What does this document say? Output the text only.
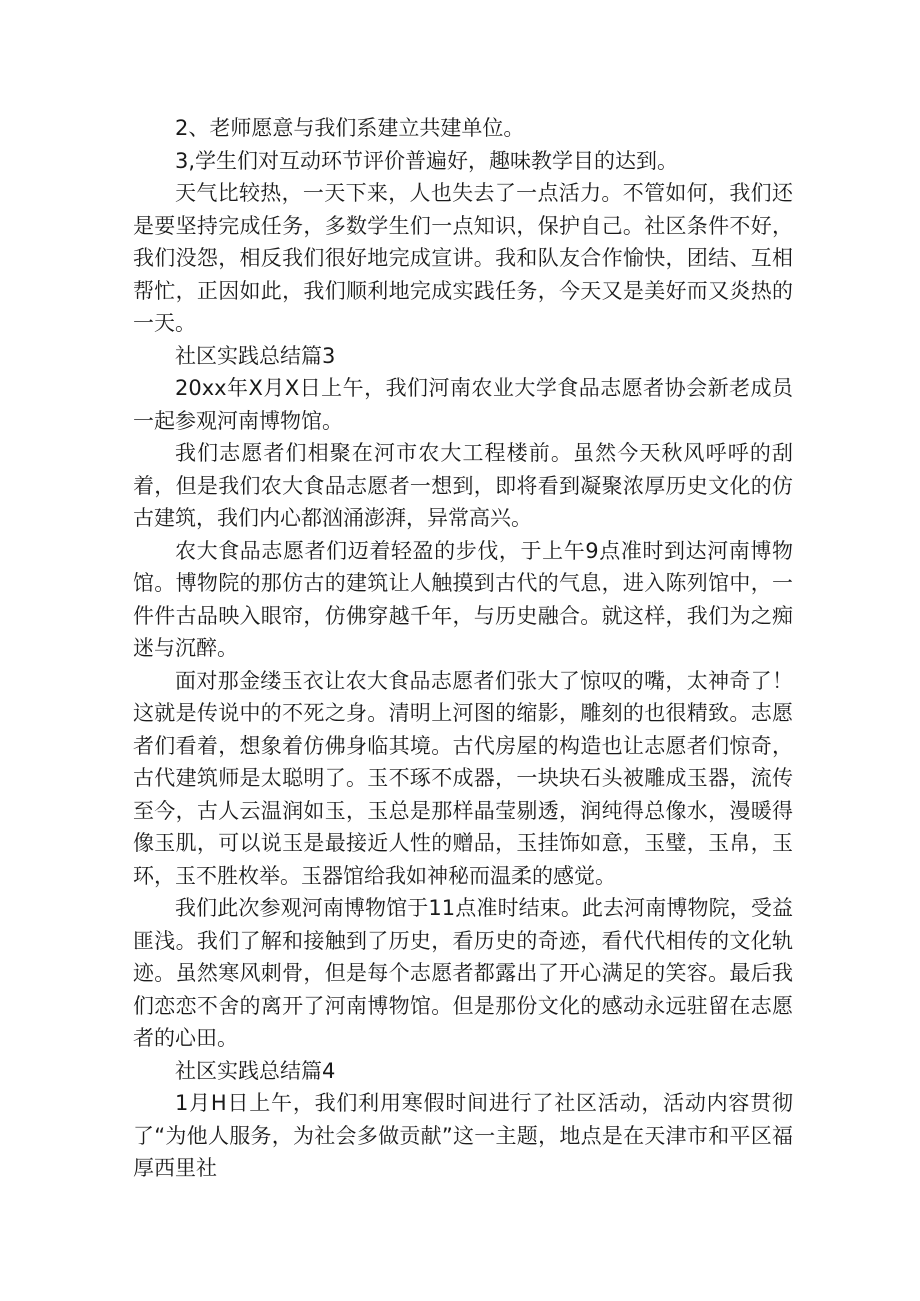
2、老师愿意与我们系建立共建单位。

3,学生们对互动环节评价普遍好，趣味教学目的达到。

天气比较热，一天下来，人也失去了一点活力。不管如何，我们还是要坚持完成任务，多数学生们一点知识，保护自己。社区条件不好，我们没怨，相反我们很好地完成宣讲。我和队友合作愉快，团结、互相帮忙，正因如此，我们顺利地完成实践任务，今天又是美好而又炎热的一天。

社区实践总结篇3

20xx年X月X日上午，我们河南农业大学食品志愿者协会新老成员一起参观河南博物馆。

我们志愿者们相聚在河市农大工程楼前。虽然今天秋风呼呼的刮着，但是我们农大食品志愿者一想到，即将看到凝聚浓厚历史文化的仿古建筑，我们内心都汹涌澎湃，异常高兴。

农大食品志愿者们迈着轻盈的步伐，于上午9点准时到达河南博物馆。博物院的那仿古的建筑让人触摸到古代的气息，进入陈列馆中，一件件古品映入眼帘，仿佛穿越千年，与历史融合。就这样，我们为之痴迷与沉醉。

面对那金缕玉衣让农大食品志愿者们张大了惊叹的嘴，太神奇了！这就是传说中的不死之身。清明上河图的缩影，雕刻的也很精致。志愿者们看着，想象着仿佛身临其境。古代房屋的构造也让志愿者们惊奇，古代建筑师是太聪明了。玉不琢不成器，一块块石头被雕成玉器，流传至今，古人云温润如玉，玉总是那样晶莹剔透，润纯得总像水，漫暖得像玉肌，可以说玉是最接近人性的赠品，玉挂饰如意，玉璧，玉帛，玉环，玉不胜枚举。玉器馆给我如神秘而温柔的感觉。

我们此次参观河南博物馆于11点准时结束。此去河南博物院，受益匪浅。我们了解和接触到了历史，看历史的奇迹，看代代相传的文化轨迹。虽然寒风刺骨，但是每个志愿者都露出了开心满足的笑容。最后我们恋恋不舍的离开了河南博物馆。但是那份文化的感动永远驻留在志愿者的心田。

社区实践总结篇4

1月H日上午，我们利用寒假时间进行了社区活动，活动内容贯彻了“为他人服务，为社会多做贡献”这一主题，地点是在天津市和平区福厚西里社
